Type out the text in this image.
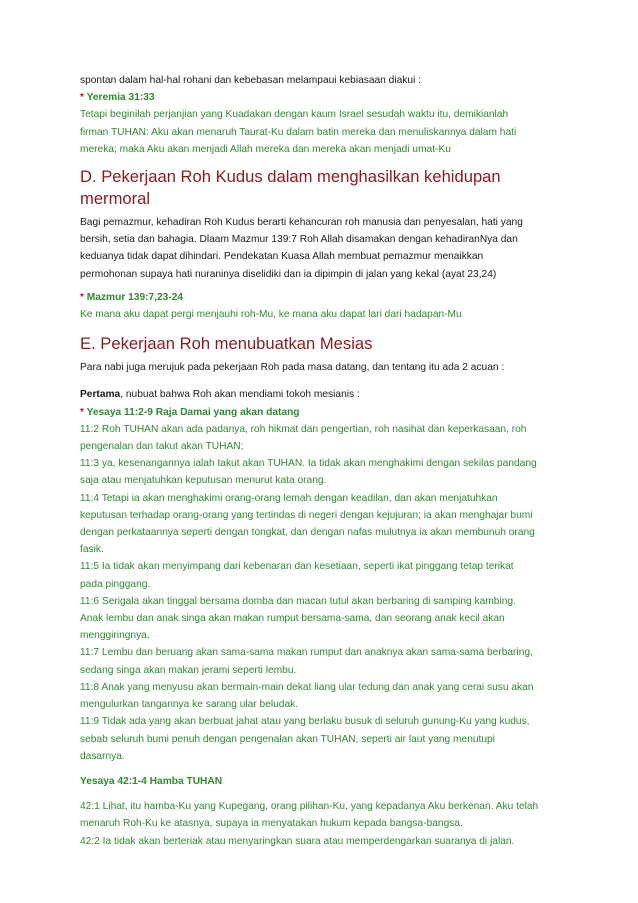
spontan dalam hal-hal rohani dan kebebasan melampaui kebiasaan diakui :

* Yeremia 31:33

Tetapi beginilah perjanjian yang Kuadakan dengan kaum Israel sesudah waktu itu, demikianlah

firman TUHAN: Aku akan menaruh Taurat-Ku dalam batin mereka dan menuliskannya dalam hati

mereka; maka Aku akan menjadi Allah mereka dan mereka akan menjadi umat-Ku

D. Pekerjaan Roh Kudus dalam menghasilkan kehidupan mermoral

Bagi pemazmur, kehadiran Roh Kudus berarti kehancuran roh manusia dan penyesalan, hati yang

bersih, setia dan bahagia. Dlaam Mazmur 139:7 Roh Allah disamakan dengan kehadiranNya dan

keduanya tidak dapat dihindari. Pendekatan Kuasa Allah membuat pemazmur menaikkan

permohonan supaya hati nuraninya diselidiki dan ia dipimpin di jalan yang kekal (ayat 23,24)

* Mazmur 139:7,23-24

Ke mana aku dapat pergi menjauhi roh-Mu, ke mana aku dapat lari dari hadapan-Mu

E. Pekerjaan Roh menubuatkan Mesias

Para nabi juga merujuk pada pekerjaan Roh pada masa datang, dan tentang itu ada 2 acuan :

Pertama, nubuat bahwa Roh akan mendiami tokoh mesianis :

* Yesaya 11:2-9 Raja Damai yang akan datang

11:2 Roh TUHAN akan ada padanya, roh hikmat dan pengertian, roh nasihat dan keperkasaan, roh

pengenalan dan takut akan TUHAN;

11:3 ya, kesenangannya ialah takut akan TUHAN. Ia tidak akan menghakimi dengan sekilas pandang

saja atau menjatuhkan keputusan menurut kata orang.

11:4 Tetapi ia akan menghakimi orang-orang lemah dengan keadilan, dan akan menjatuhkan

keputusan terhadap orang-orang yang tertindas di negeri dengan kejujuran; ia akan menghajar bumi

dengan perkataannya seperti dengan tongkat, dan dengan nafas mulutnya ia akan membunuh orang

fasik.

11:5 Ia tidak akan menyimpang dari kebenaran dan kesetiaan, seperti ikat pinggang tetap terikat

pada pinggang.

11:6 Serigala akan tinggal bersama domba dan macan tutul akan berbaring di samping kambing.

Anak lembu dan anak singa akan makan rumput bersama-sama, dan seorang anak kecil akan

menggiringnya.

11:7 Lembu dan beruang akan sama-sama makan rumput dan anaknya akan sama-sama berbaring,

sedang singa akan makan jerami seperti lembu.

11:8 Anak yang menyusu akan bermain-main dekat liang ular tedung dan anak yang cerai susu akan

mengulurkan tangannya ke sarang ular beludak.

11:9 Tidak ada yang akan berbuat jahat atau yang berlaku busuk di seluruh gunung-Ku yang kudus,

sebab seluruh bumi penuh dengan pengenalan akan TUHAN, seperti air laut yang menutupi

dasarnya.

Yesaya 42:1-4 Hamba TUHAN

42:1 Lihat, itu hamba-Ku yang Kupegang, orang pilihan-Ku, yang kepadanya Aku berkenan. Aku telah

menaruh Roh-Ku ke atasnya, supaya ia menyatakan hukum kepada bangsa-bangsa.

42:2 Ia tidak akan berteriak atau menyaringkan suara atau memperdengarkan suaranya di jalan.
